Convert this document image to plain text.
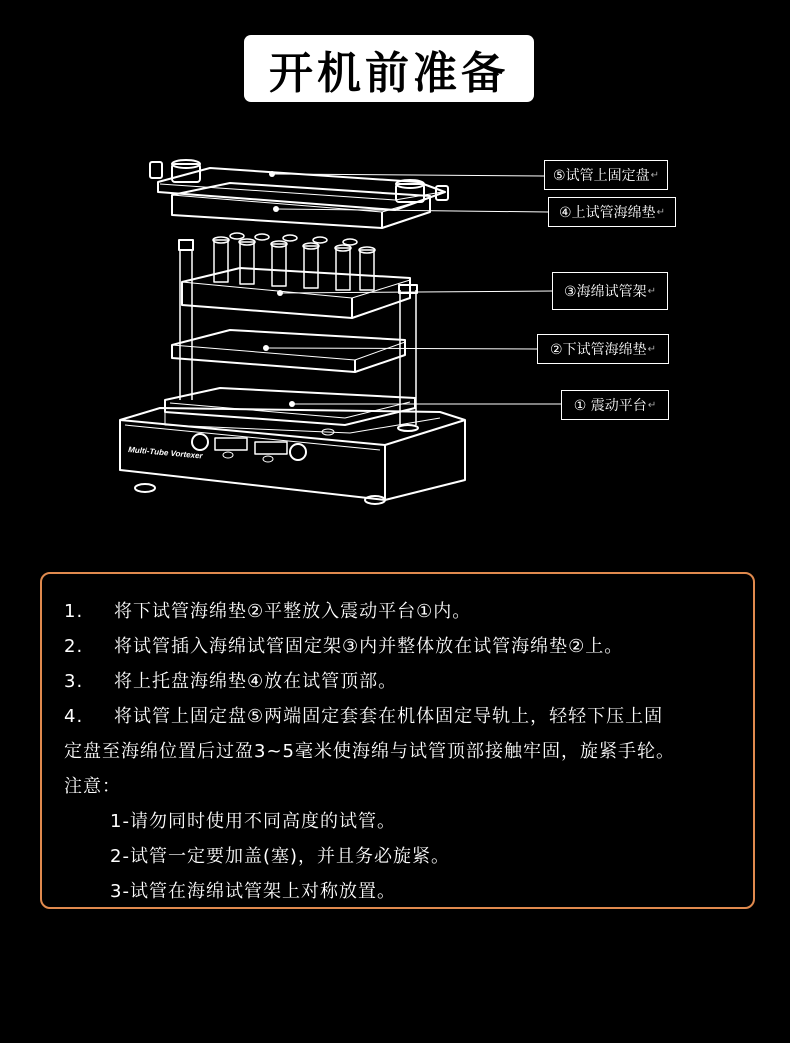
开机前准备
Multi-Tube Vortexer
⑤试管上固定盘 ↵
④上试管海绵垫 ↵
③海绵试管架 ↵
②下试管海绵垫 ↵
① 震动平台 ↵
1. 将下试管海绵垫②平整放入震动平台①内。
2. 将试管插入海绵试管固定架③内并整体放在试管海绵垫②上。
3. 将上托盘海绵垫④放在试管顶部。
4. 将试管上固定盘⑤两端固定套套在机体固定导轨上，轻轻下压上固
定盘至海绵位置后过盈3~5毫米使海绵与试管顶部接触牢固，旋紧手轮。
注意：
1-请勿同时使用不同高度的试管。
2-试管一定要加盖(塞)，并且务必旋紧。
3-试管在海绵试管架上对称放置。
